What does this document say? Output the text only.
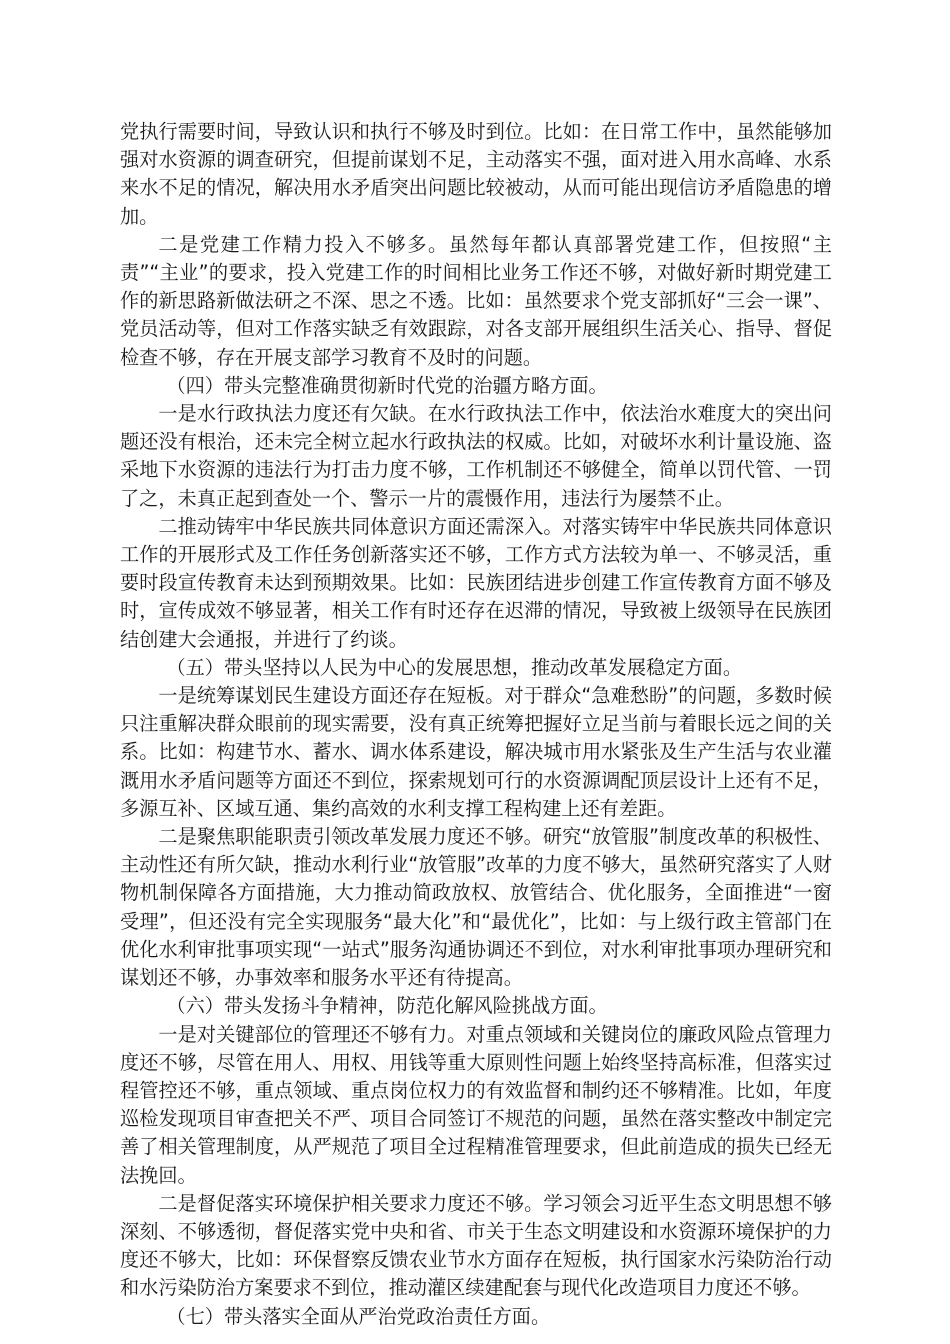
党执行需要时间，导致认识和执行不够及时到位。比如：在日常工作中，虽然能够加强对水资源的调查研究，但提前谋划不足，主动落实不强，面对进入用水高峰、水系来水不足的情况，解决用水矛盾突出问题比较被动，从而可能出现信访矛盾隐患的增加。

二是党建工作精力投入不够多。虽然每年都认真部署党建工作，但按照“主责”“主业”的要求，投入党建工作的时间相比业务工作还不够，对做好新时期党建工作的新思路新做法研之不深、思之不透。比如：虽然要求个党支部抓好“三会一课”、党员活动等，但对工作落实缺乏有效跟踪，对各支部开展组织生活关心、指导、督促检查不够，存在开展支部学习教育不及时的问题。

（四）带头完整准确贯彻新时代党的治疆方略方面。

一是水行政执法力度还有欠缺。在水行政执法工作中，依法治水难度大的突出问题还没有根治，还未完全树立起水行政执法的权威。比如，对破坏水利计量设施、盗采地下水资源的违法行为打击力度不够，工作机制还不够健全，简单以罚代管、一罚了之，未真正起到查处一个、警示一片的震慑作用，违法行为屡禁不止。

二推动铸牢中华民族共同体意识方面还需深入。对落实铸牢中华民族共同体意识工作的开展形式及工作任务创新落实还不够，工作方式方法较为单一、不够灵活，重要时段宣传教育未达到预期效果。比如：民族团结进步创建工作宣传教育方面不够及时，宣传成效不够显著，相关工作有时还存在迟滞的情况，导致被上级领导在民族团结创建大会通报，并进行了约谈。

（五）带头坚持以人民为中心的发展思想，推动改革发展稳定方面。

一是统筹谋划民生建设方面还存在短板。对于群众“急难愁盼”的问题，多数时候只注重解决群众眼前的现实需要，没有真正统筹把握好立足当前与着眼长远之间的关系。比如：构建节水、蓄水、调水体系建设，解决城市用水紧张及生产生活与农业灌溉用水矛盾问题等方面还不到位，探索规划可行的水资源调配顶层设计上还有不足，多源互补、区域互通、集约高效的水利支撑工程构建上还有差距。

二是聚焦职能职责引领改革发展力度还不够。研究“放管服”制度改革的积极性、主动性还有所欠缺，推动水利行业“放管服”改革的力度不够大，虽然研究落实了人财物机制保障各方面措施，大力推动简政放权、放管结合、优化服务，全面推进“一窗受理”，但还没有完全实现服务“最大化”和“最优化”，比如：与上级行政主管部门在优化水利审批事项实现“一站式”服务沟通协调还不到位，对水利审批事项办理研究和谋划还不够，办事效率和服务水平还有待提高。

（六）带头发扬斗争精神，防范化解风险挑战方面。

一是对关键部位的管理还不够有力。对重点领域和关键岗位的廉政风险点管理力度还不够，尽管在用人、用权、用钱等重大原则性问题上始终坚持高标准，但落实过程管控还不够，重点领域、重点岗位权力的有效监督和制约还不够精准。比如，年度巡检发现项目审查把关不严、项目合同签订不规范的问题，虽然在落实整改中制定完善了相关管理制度，从严规范了项目全过程精准管理要求，但此前造成的损失已经无法挽回。

二是督促落实环境保护相关要求力度还不够。学习领会习近平生态文明思想不够深刻、不够透彻，督促落实党中央和省、市关于生态文明建设和水资源环境保护的力度还不够大，比如：环保督察反馈农业节水方面存在短板，执行国家水污染防治行动和水污染防治方案要求不到位，推动灌区续建配套与现代化改造项目力度还不够。

（七）带头落实全面从严治党政治责任方面。
